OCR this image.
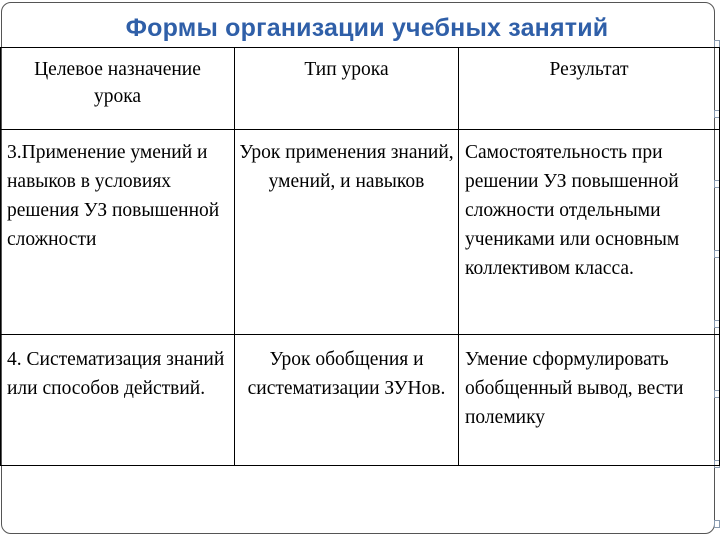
Формы организации учебных занятий
Целевое назначение урока	Тип урока	Результат

3.Применение умений и навыков в условиях решения УЗ повышенной сложности	Урок применения знаний, умений, и навыков	Самостоятельность при решении УЗ повышенной сложности отдельными учениками или основным коллективом класса.

4. Систематизация знаний или способов действий.	Урок обобщения и систематизации ЗУНов.	Умение сформулировать обобщенный вывод, вести полемику
